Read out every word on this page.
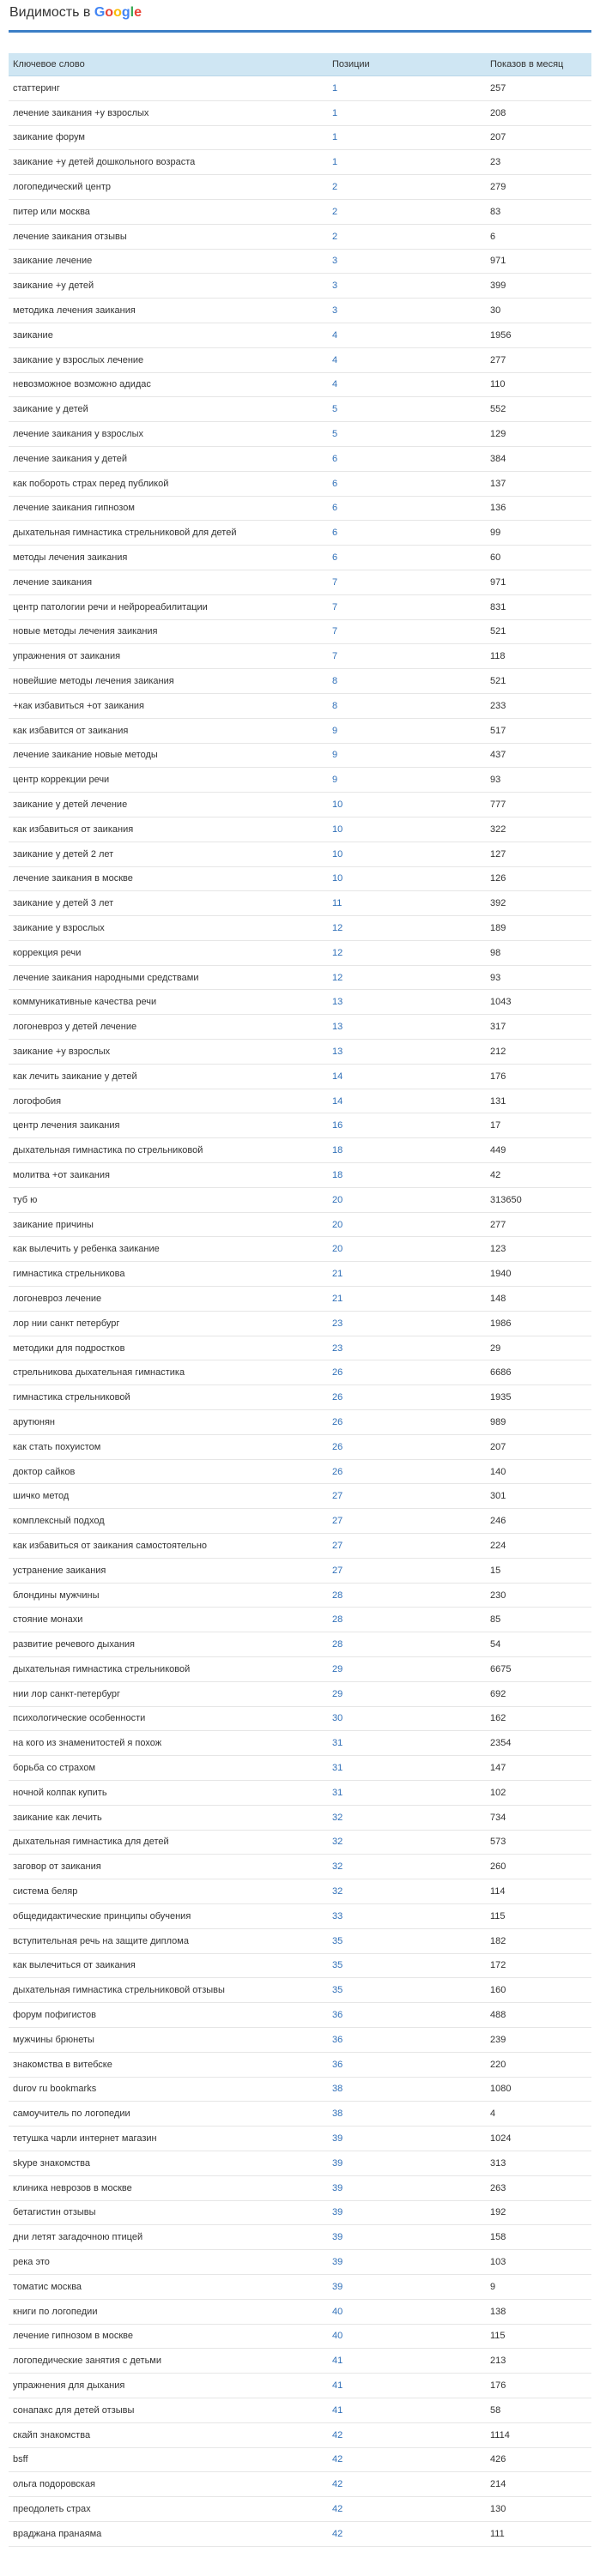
Видимость в Google
Ключевое слово	Позиции	Показов в месяц
статтеринг	1	257
лечение заикания +у взрослых	1	208
заикание форум	1	207
заикание +у детей дошкольного возраста	1	23
логопедический центр	2	279
питер или москва	2	83
лечение заикания отзывы	2	6
заикание лечение	3	971
заикание +у детей	3	399
методика лечения заикания	3	30
заикание	4	1956
заикание у взрослых лечение	4	277
невозможное возможно адидас	4	110
заикание у детей	5	552
лечение заикания у взрослых	5	129
лечение заикания у детей	6	384
как побороть страх перед публикой	6	137
лечение заикания гипнозом	6	136
дыхательная гимнастика стрельниковой для детей	6	99
методы лечения заикания	6	60
лечение заикания	7	971
центр патологии речи и нейрореабилитации	7	831
новые методы лечения заикания	7	521
упражнения от заикания	7	118
новейшие методы лечения заикания	8	521
+как избавиться +от заикания	8	233
как избавится от заикания	9	517
лечение заикание новые методы	9	437
центр коррекции речи	9	93
заикание у детей лечение	10	777
как избавиться от заикания	10	322
заикание у детей 2 лет	10	127
лечение заикания в москве	10	126
заикание у детей 3 лет	11	392
заикание у взрослых	12	189
коррекция речи	12	98
лечение заикания народными средствами	12	93
коммуникативные качества речи	13	1043
логоневроз у детей лечение	13	317
заикание +у взрослых	13	212
как лечить заикание у детей	14	176
логофобия	14	131
центр лечения заикания	16	17
дыхательная гимнастика по стрельниковой	18	449
молитва +от заикания	18	42
туб ю	20	313650
заикание причины	20	277
как вылечить у ребенка заикание	20	123
гимнастика стрельникова	21	1940
логоневроз лечение	21	148
лор нии санкт петербург	23	1986
методики для подростков	23	29
стрельникова дыхательная гимнастика	26	6686
гимнастика стрельниковой	26	1935
арутюнян	26	989
как стать похуистом	26	207
доктор сайков	26	140
шичко метод	27	301
комплексный подход	27	246
как избавиться от заикания самостоятельно	27	224
устранение заикания	27	15
блондины мужчины	28	230
стояние монахи	28	85
развитие речевого дыхания	28	54
дыхательная гимнастика стрельниковой	29	6675
нии лор санкт-петербург	29	692
психологические особенности	30	162
на кого из знаменитостей я похож	31	2354
борьба со страхом	31	147
ночной колпак купить	31	102
заикание как лечить	32	734
дыхательная гимнастика для детей	32	573
заговор от заикания	32	260
система беляр	32	114
общедидактические принципы обучения	33	115
вступительная речь на защите диплома	35	182
как вылечиться от заикания	35	172
дыхательная гимнастика стрельниковой отзывы	35	160
форум пофигистов	36	488
мужчины брюнеты	36	239
знакомства в витебске	36	220
durov ru bookmarks	38	1080
самоучитель по логопедии	38	4
тетушка чарли интернет магазин	39	1024
skype знакомства	39	313
клиника неврозов в москве	39	263
бетагистин отзывы	39	192
дни летят загадочною птицей	39	158
река это	39	103
томатис москва	39	9
книги по логопедии	40	138
лечение гипнозом в москве	40	115
логопедические занятия с детьми	41	213
упражнения для дыхания	41	176
сонапакс для детей отзывы	41	58
скайп знакомства	42	1114
bsff	42	426
ольга подоровская	42	214
преодолеть страх	42	130
враджана пранаяма	42	111
